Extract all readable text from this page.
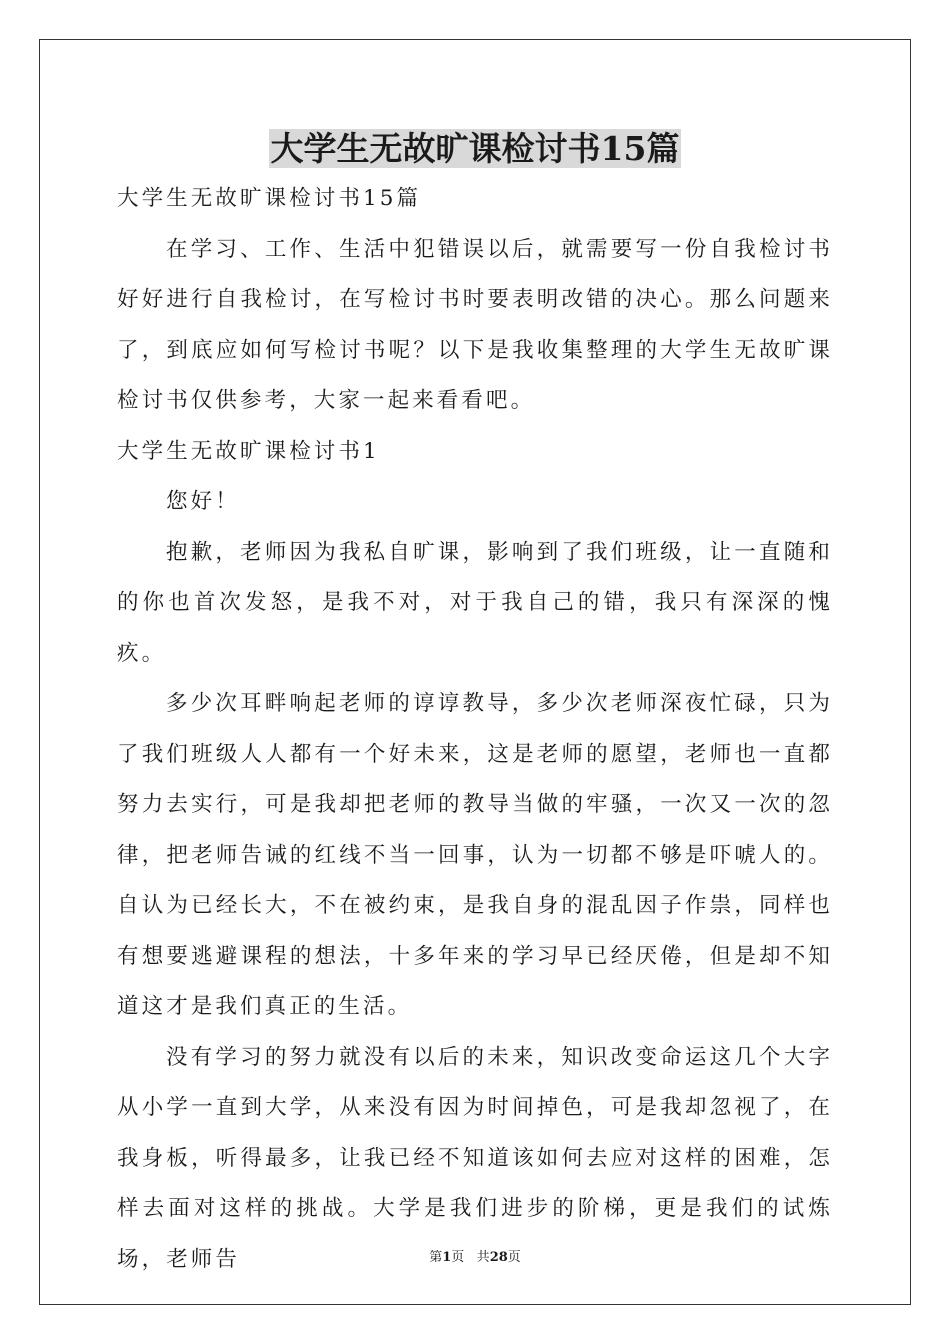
大学生无故旷课检讨书15篇

大学生无故旷课检讨书15篇

在学习、工作、生活中犯错误以后，就需要写一份自我检讨书好好进行自我检讨，在写检讨书时要表明改错的决心。那么问题来了，到底应如何写检讨书呢？以下是我收集整理的大学生无故旷课检讨书仅供参考，大家一起来看看吧。

大学生无故旷课检讨书1

您好！

抱歉，老师因为我私自旷课，影响到了我们班级，让一直随和的你也首次发怒，是我不对，对于我自己的错，我只有深深的愧疚。

多少次耳畔响起老师的谆谆教导，多少次老师深夜忙碌，只为了我们班级人人都有一个好未来，这是老师的愿望，老师也一直都努力去实行，可是我却把老师的教导当做的牢骚，一次又一次的忽律，把老师告诫的红线不当一回事，认为一切都不够是吓唬人的。自认为已经长大，不在被约束，是我自身的混乱因子作祟，同样也有想要逃避课程的想法，十多年来的学习早已经厌倦，但是却不知道这才是我们真正的生活。

没有学习的努力就没有以后的未来，知识改变命运这几个大字从小学一直到大学，从来没有因为时间掉色，可是我却忽视了，在我身板，听得最多，让我已经不知道该如何去应对这样的困难，怎样去面对这样的挑战。大学是我们进步的阶梯，更是我们的试炼场，老师告	第1页 共28页
